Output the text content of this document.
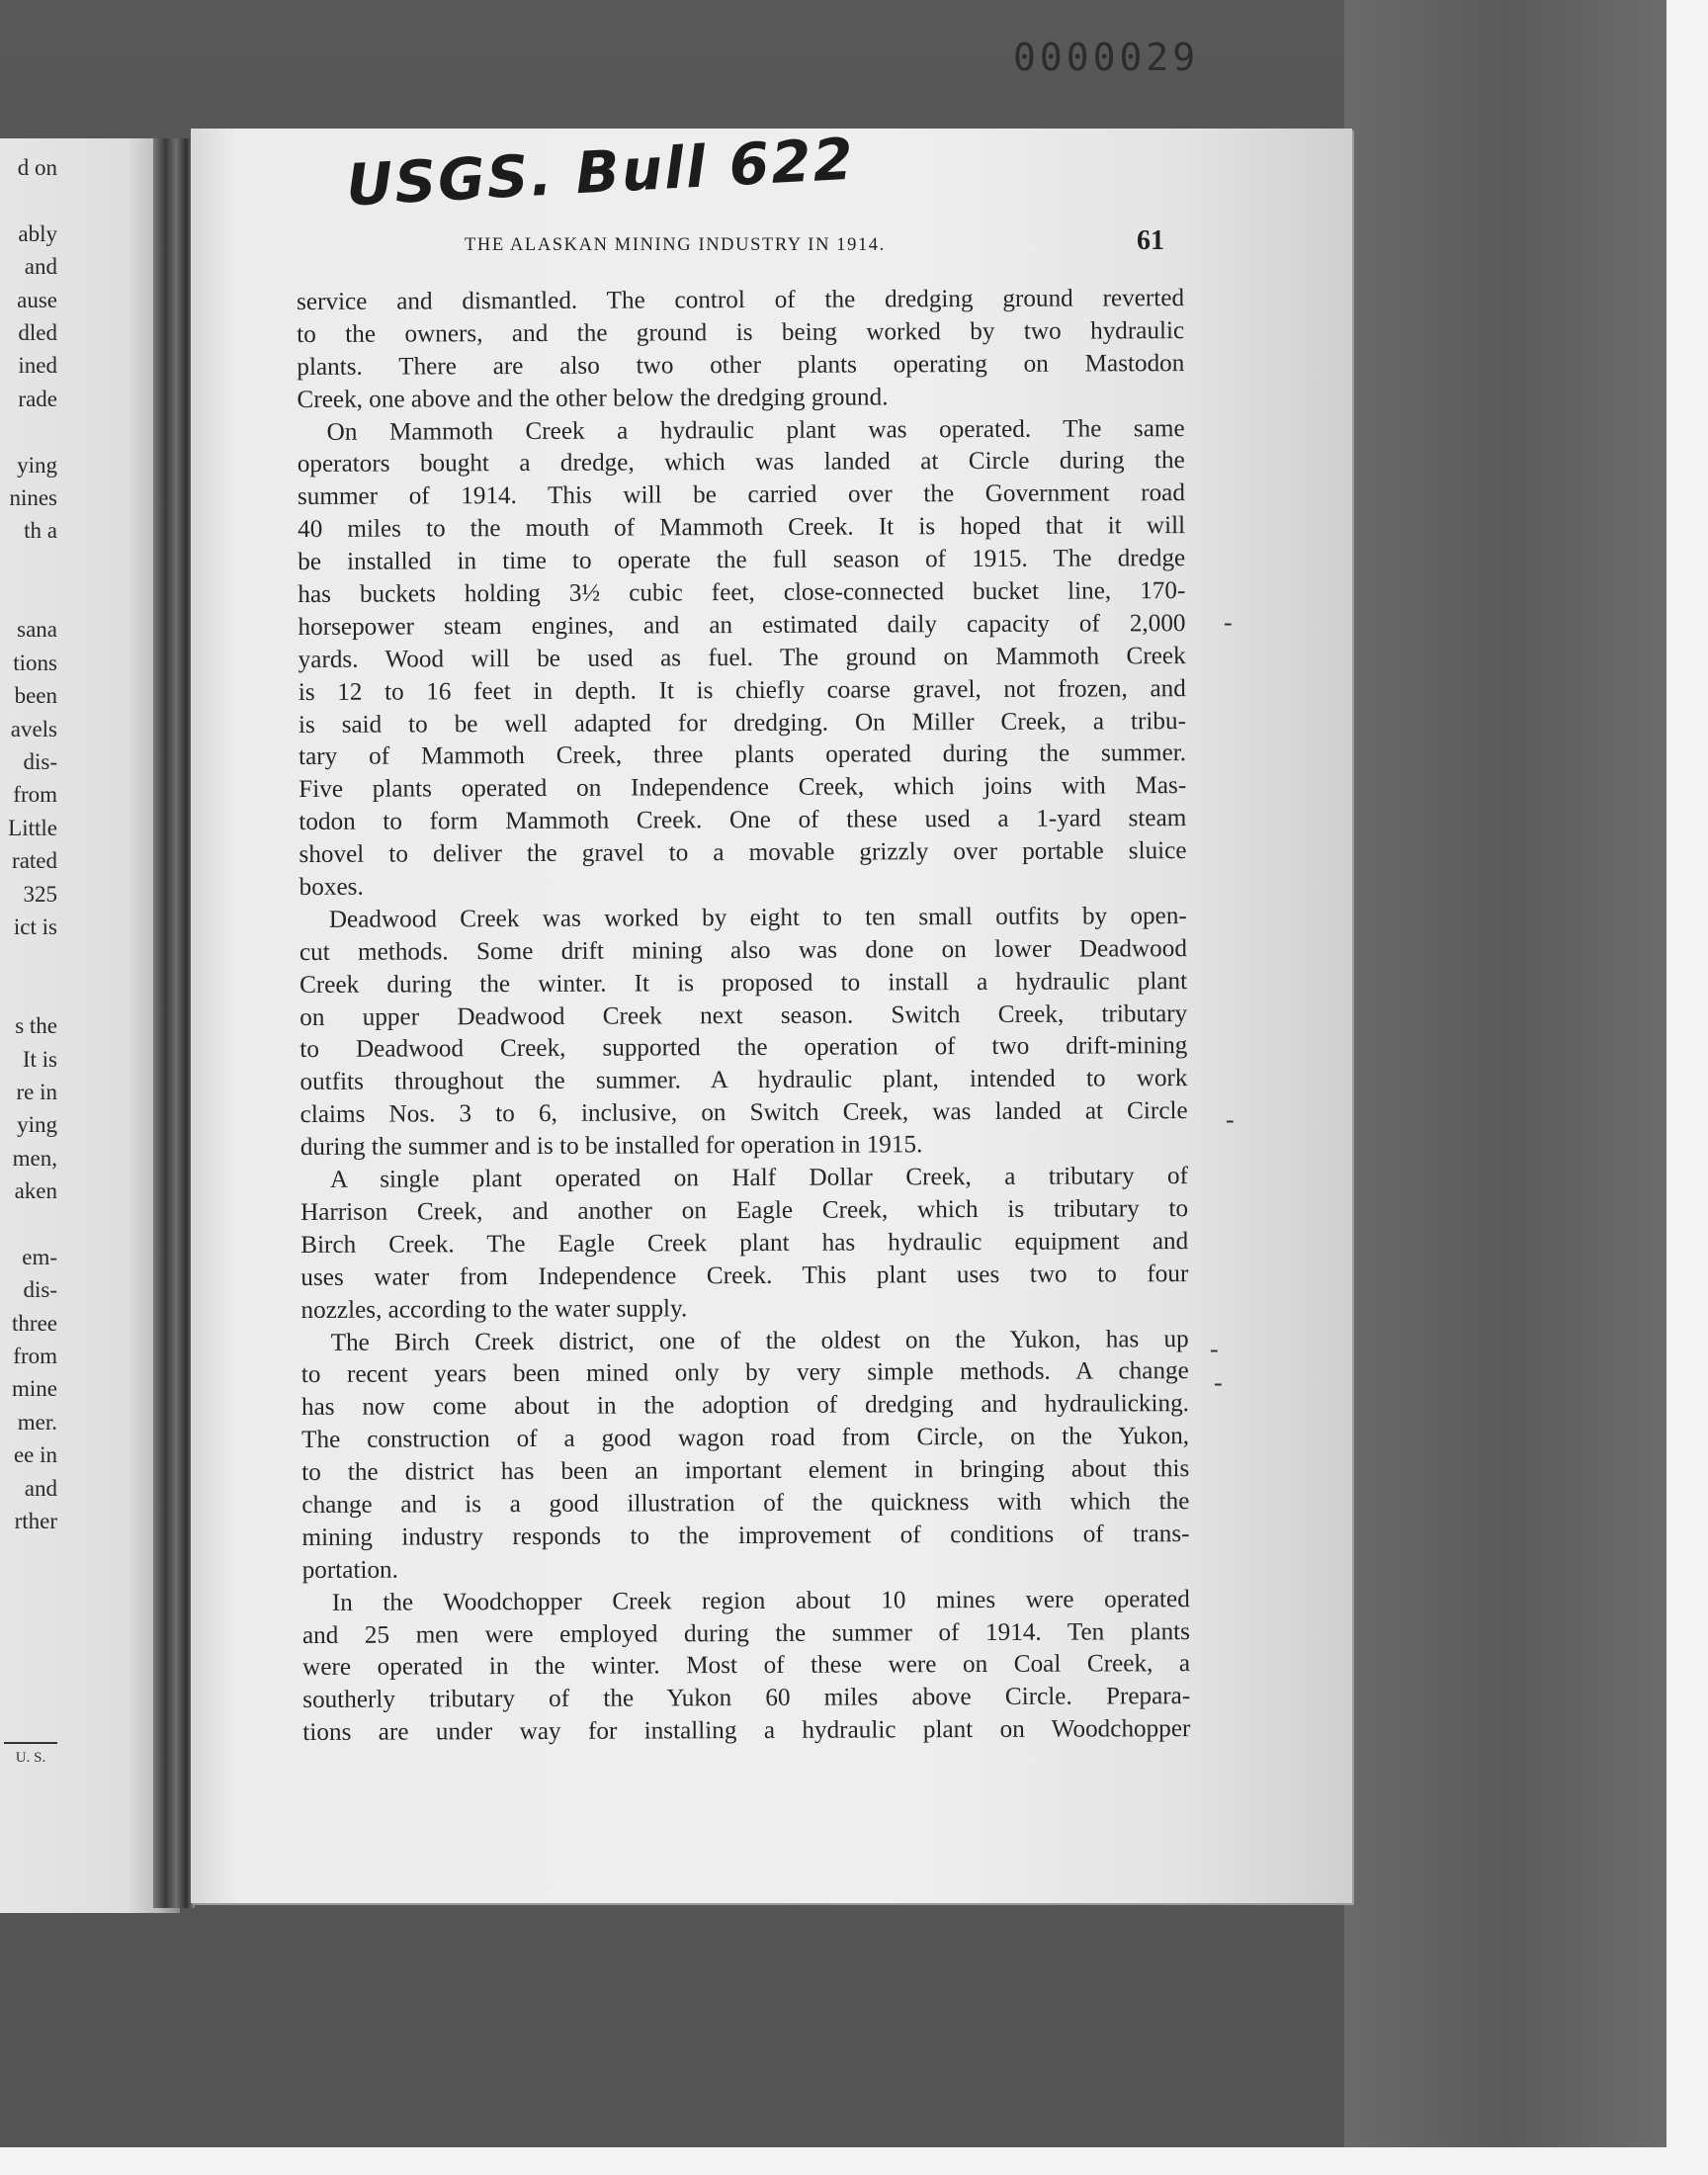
0000029
d on
ably
and
ause
dled
ined
rade
ying
nines
th a
sana
tions
been
avels
dis-
from
Little
rated
325
ict is
s the
It is
re in
ying
men,
aken
em-
dis-
three
from
mine
mer.
ee in
and
rther
U. S.
USGS. Bull 622
THE ALASKAN MINING INDUSTRY IN 1914.	61
service and dismantled. The control of the dredging ground reverted
to the owners, and the ground is being worked by two hydraulic
plants. There are also two other plants operating on Mastodon
Creek, one above and the other below the dredging ground.
On Mammoth Creek a hydraulic plant was operated. The same
operators bought a dredge, which was landed at Circle during the
summer of 1914. This will be carried over the Government road
40 miles to the mouth of Mammoth Creek. It is hoped that it will
be installed in time to operate the full season of 1915. The dredge
has buckets holding 3½ cubic feet, close-connected bucket line, 170-
horsepower steam engines, and an estimated daily capacity of 2,000
yards. Wood will be used as fuel. The ground on Mammoth Creek
is 12 to 16 feet in depth. It is chiefly coarse gravel, not frozen, and
is said to be well adapted for dredging. On Miller Creek, a tribu-
tary of Mammoth Creek, three plants operated during the summer.
Five plants operated on Independence Creek, which joins with Mas-
todon to form Mammoth Creek. One of these used a 1-yard steam
shovel to deliver the gravel to a movable grizzly over portable sluice
boxes.
Deadwood Creek was worked by eight to ten small outfits by open-
cut methods. Some drift mining also was done on lower Deadwood
Creek during the winter. It is proposed to install a hydraulic plant
on upper Deadwood Creek next season. Switch Creek, tributary
to Deadwood Creek, supported the operation of two drift-mining
outfits throughout the summer. A hydraulic plant, intended to work
claims Nos. 3 to 6, inclusive, on Switch Creek, was landed at Circle
during the summer and is to be installed for operation in 1915.
A single plant operated on Half Dollar Creek, a tributary of
Harrison Creek, and another on Eagle Creek, which is tributary to
Birch Creek. The Eagle Creek plant has hydraulic equipment and
uses water from Independence Creek. This plant uses two to four
nozzles, according to the water supply.
The Birch Creek district, one of the oldest on the Yukon, has up
to recent years been mined only by very simple methods. A change
has now come about in the adoption of dredging and hydraulicking.
The construction of a good wagon road from Circle, on the Yukon,
to the district has been an important element in bringing about this
change and is a good illustration of the quickness with which the
mining industry responds to the improvement of conditions of trans-
portation.
In the Woodchopper Creek region about 10 mines were operated
and 25 men were employed during the summer of 1914. Ten plants
were operated in the winter. Most of these were on Coal Creek, a
southerly tributary of the Yukon 60 miles above Circle. Prepara-
tions are under way for installing a hydraulic plant on Woodchopper
-
-
-
-
